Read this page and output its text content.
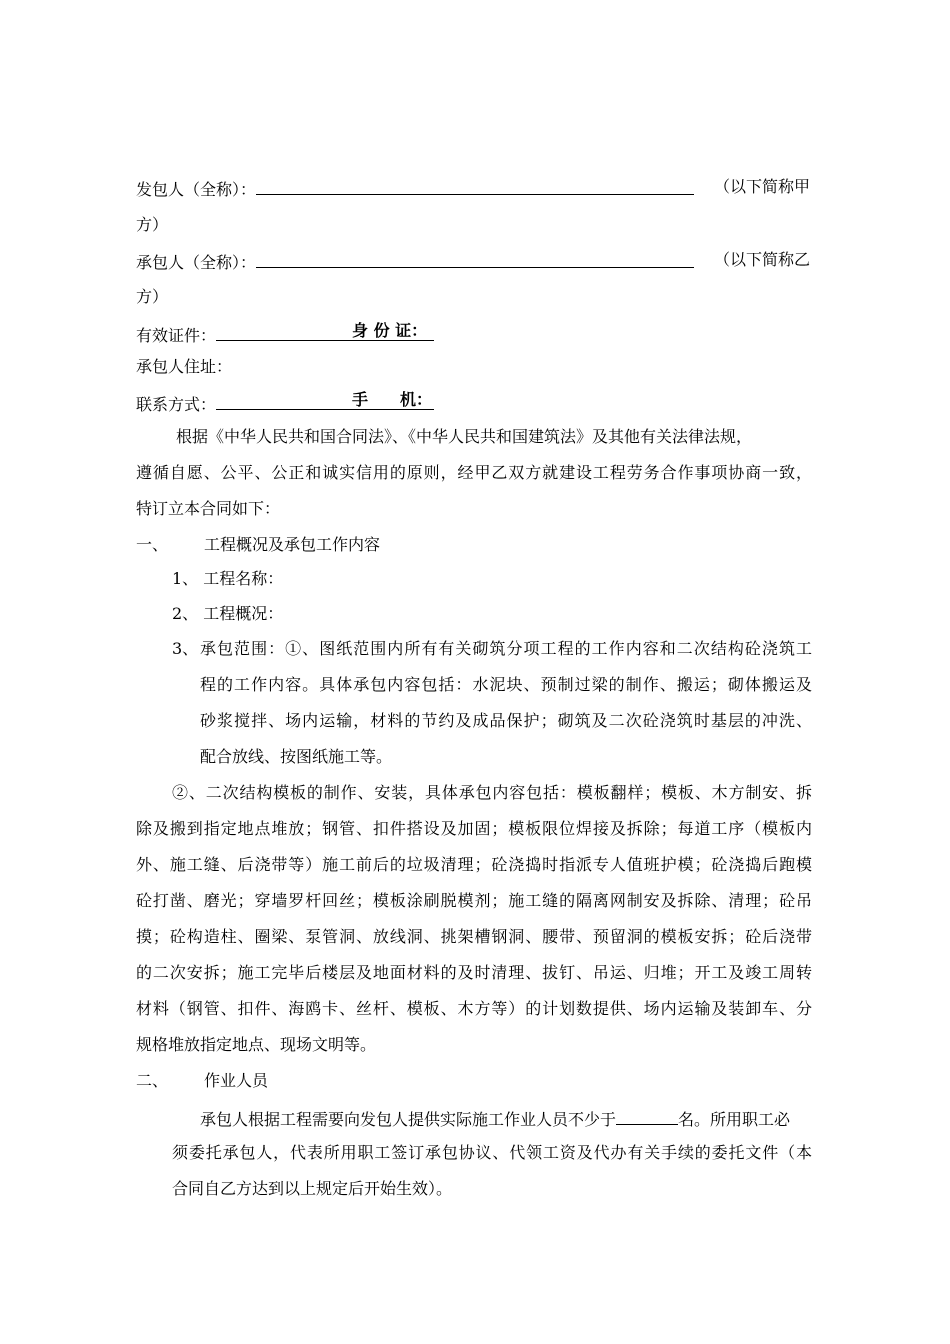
发包人（全称）：	（以下简称甲
方）
承包人（全称）：	（以下简称乙
方）
有效证件：	身 份 证：
承包人住址：
联系方式：	手　　机：
根据《中华人民共和国合同法》、《中华人民共和国建筑法》及其他有关法律法规，
遵循自愿、公平、公正和诚实信用的原则，经甲乙双方就建设工程劳务合作事项协商一致，
特订立本合同如下：
一、 工程概况及承包工作内容
1、 工程名称：
2、 工程概况：
3、 承包范围：①、图纸范围内所有有关砌筑分项工程的工作内容和二次结构砼浇筑工
程的工作内容。具体承包内容包括：水泥块、预制过梁的制作、搬运；砌体搬运及
砂浆搅拌、场内运输，材料的节约及成品保护；砌筑及二次砼浇筑时基层的冲洗、
配合放线、按图纸施工等。
②、二次结构模板的制作、安装，具体承包内容包括：模板翻样；模板、木方制安、拆
除及搬到指定地点堆放；钢管、扣件搭设及加固；模板限位焊接及拆除；每道工序（模板内
外、施工缝、后浇带等）施工前后的垃圾清理；砼浇捣时指派专人值班护模；砼浇捣后跑模
砼打凿、磨光；穿墙罗杆回丝；模板涂刷脱模剂；施工缝的隔离网制安及拆除、清理；砼吊
摸；砼构造柱、圈梁、泵管洞、放线洞、挑架槽钢洞、腰带、预留洞的模板安拆；砼后浇带
的二次安拆；施工完毕后楼层及地面材料的及时清理、拔钉、吊运、归堆；开工及竣工周转
材料（钢管、扣件、海鸥卡、丝杆、模板、木方等）的计划数提供、场内运输及装卸车、分
规格堆放指定地点、现场文明等。
二、 作业人员
承包人根据工程需要向发包人提供实际施工作业人员不少于	名。所用职工必
须委托承包人，代表所用职工签订承包协议、代领工资及代办有关手续的委托文件（本
合同自乙方达到以上规定后开始生效）。
